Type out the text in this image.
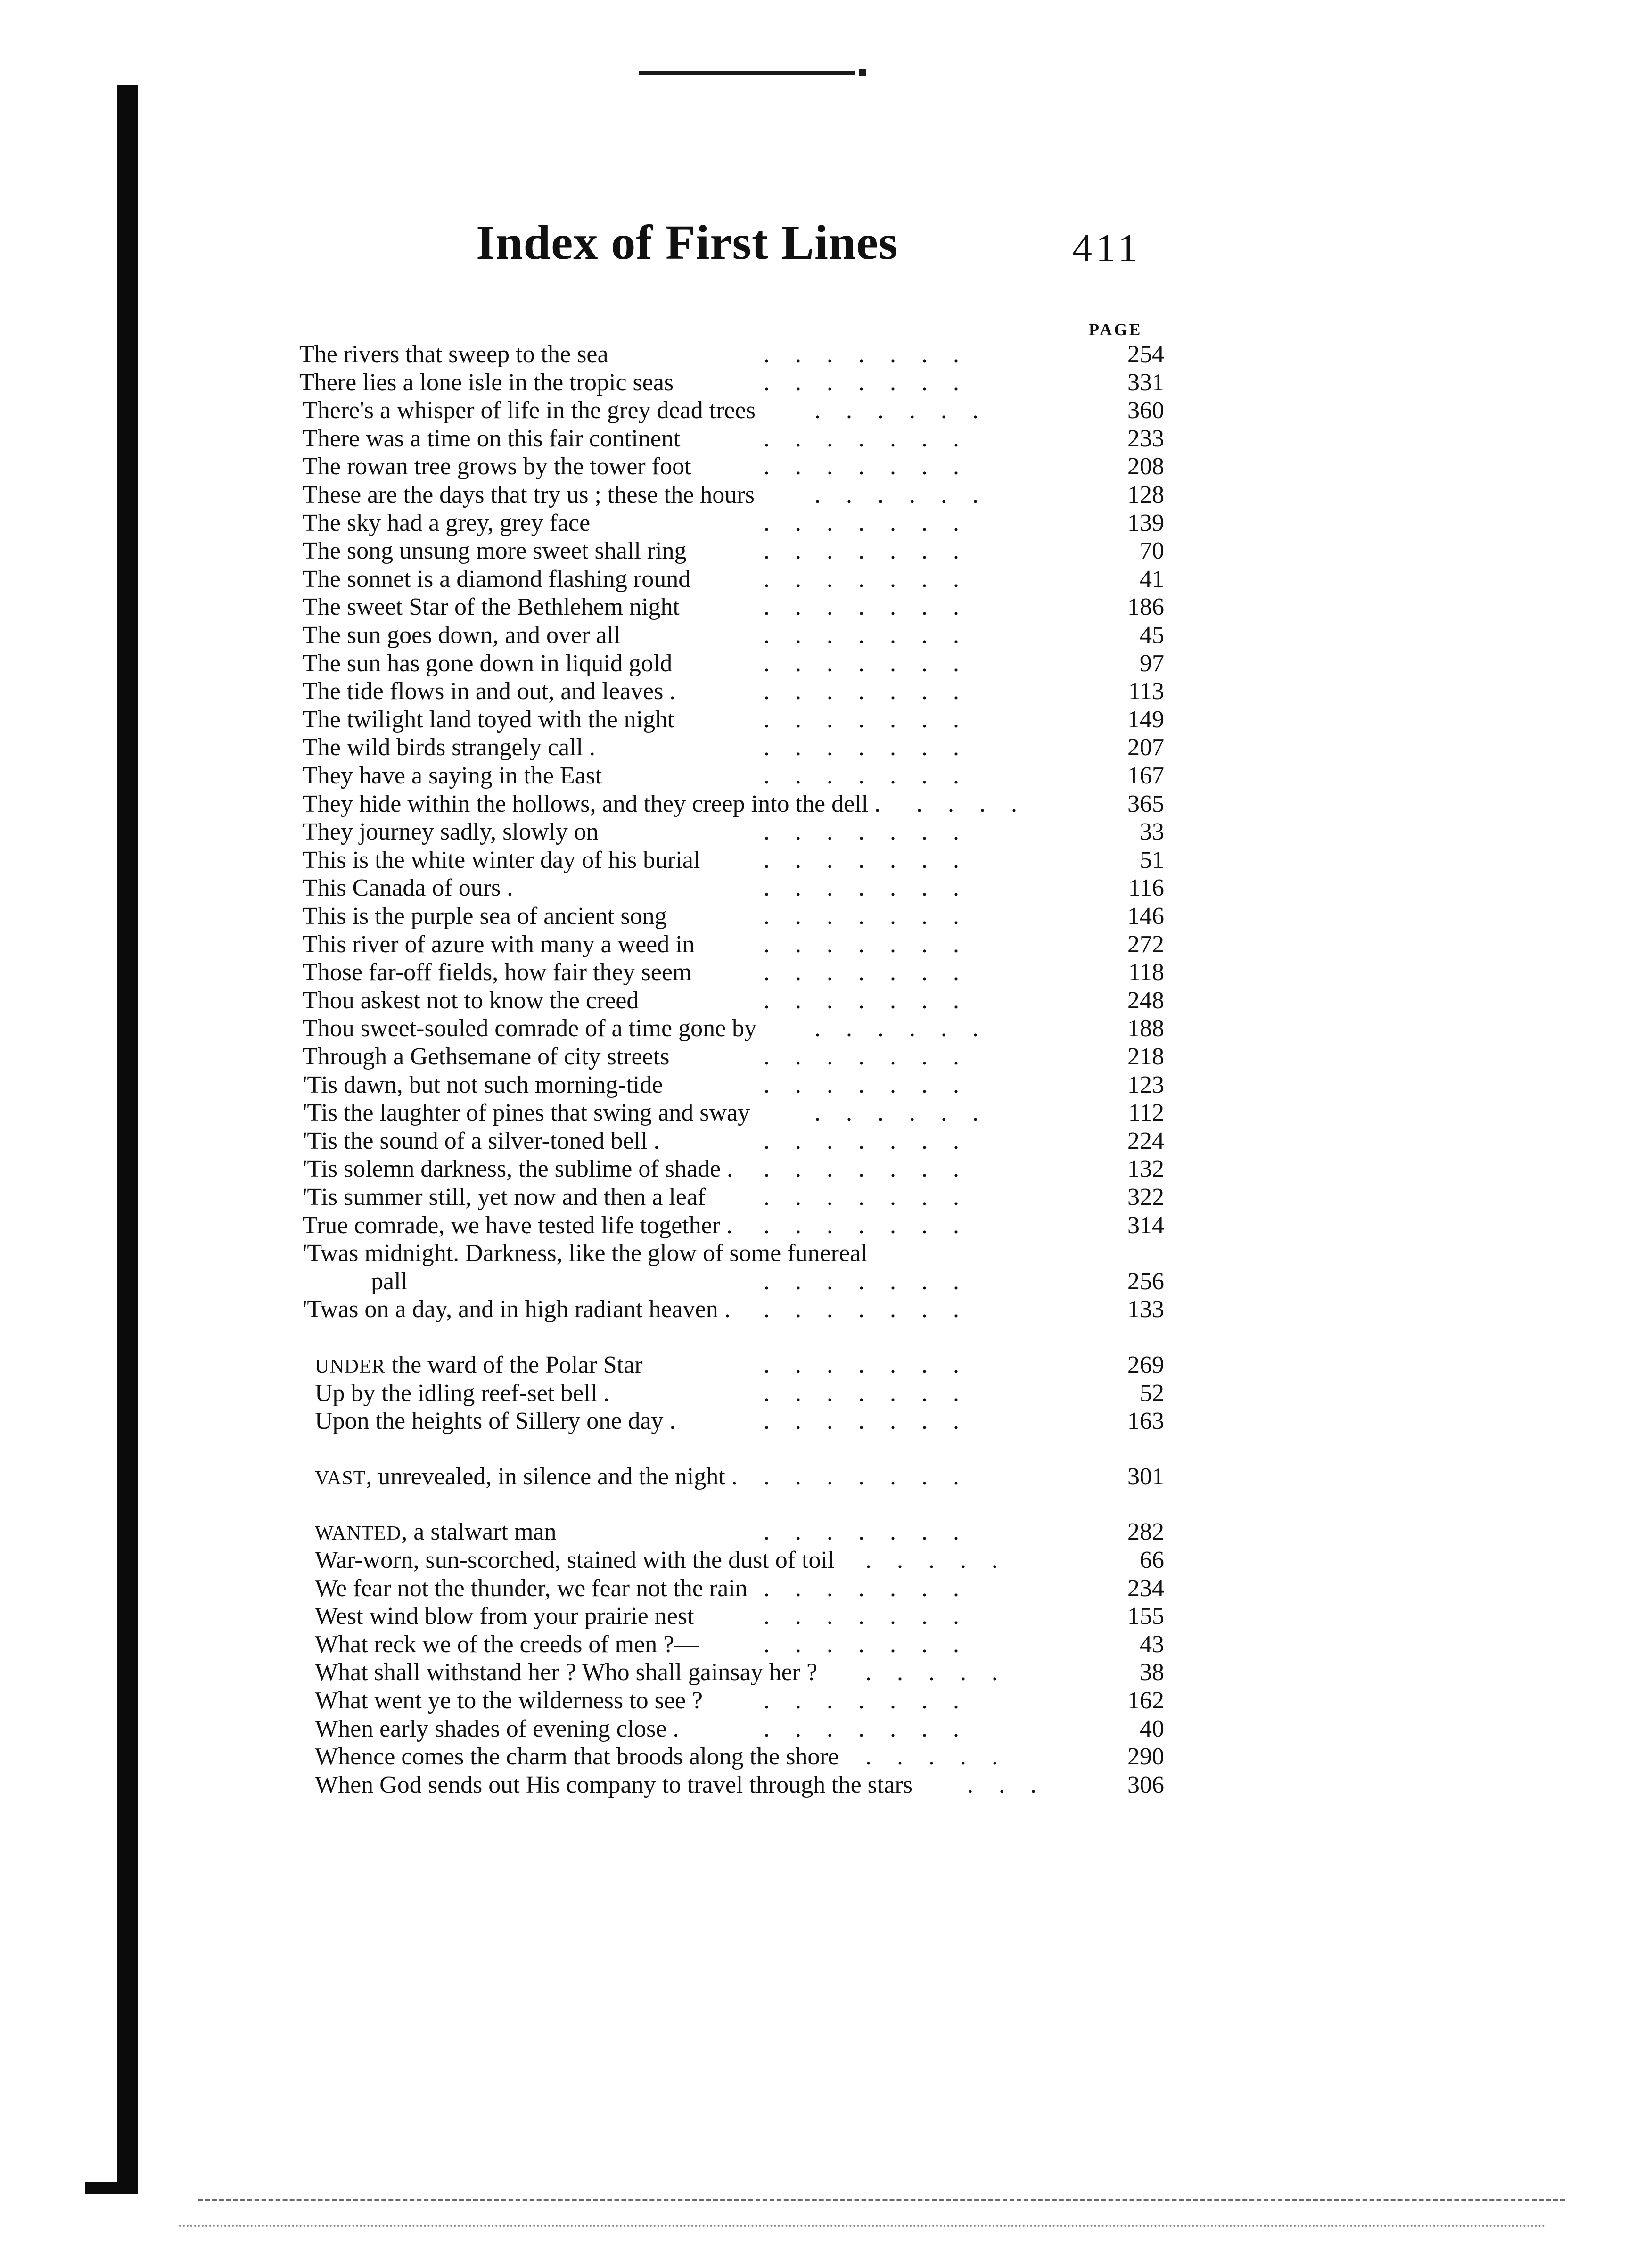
Index of First Lines	411
PAGE
The rivers that sweep to the sea	.......	254
There lies a lone isle in the tropic seas	.......	331
There's a whisper of life in the grey dead trees ......	360
There was a time on this fair continent	.......	233
The rowan tree grows by the tower foot	.......	208
These are the days that try us ; these the hours ......	128
The sky had a grey, grey face	.......	139
The song unsung more sweet shall ring	.......	70
The sonnet is a diamond flashing round	.......	41
The sweet Star of the Bethlehem night	.......	186
The sun goes down, and over all	.......	45
The sun has gone down in liquid gold	.......	97
The tide flows in and out, and leaves .	.......	113
The twilight land toyed with the night	.......	149
The wild birds strangely call .	.......	207
They have a saying in the East	.......	167
They hide within the hollows, and they creep into the dell . ....	365
They journey sadly, slowly on	.......	33
This is the white winter day of his burial	.......	51
This Canada of ours .	.......	116
This is the purple sea of ancient song	.......	146
This river of azure with many a weed in	.......	272
Those far-off fields, how fair they seem	.......	118
Thou askest not to know the creed	.......	248
Thou sweet-souled comrade of a time gone by ......	188
Through a Gethsemane of city streets	.......	218
'Tis dawn, but not such morning-tide	.......	123
'Tis the laughter of pines that swing and sway	......	112
'Tis the sound of a silver-toned bell .	.......	224
'Tis solemn darkness, the sublime of shade . .......	132
'Tis summer still, yet now and then a leaf .......	322
True comrade, we have tested life together . .......	314
'Twas midnight. Darkness, like the glow of some funereal
pall	.......	256
'Twas on a day, and in high radiant heaven . .......	133
UNDER the ward of the Polar Star	.......	269
Up by the idling reef-set bell .	.......	52
Upon the heights of Sillery one day .	.......	163
VAST, unrevealed, in silence and the night . .......	301
WANTED, a stalwart man	.......	282
War-worn, sun-scorched, stained with the dust of toil .....	66
We fear not the thunder, we fear not the rain .......	234
West wind blow from your prairie nest	.......	155
What reck we of the creeds of men ?—	.......	43
What shall withstand her ? Who shall gainsay her ? .....	38
What went ye to the wilderness to see ? .......	162
When early shades of evening close .	.......	40
Whence comes the charm that broods along the shore .....	290
When God sends out His company to travel through the stars ...	306
